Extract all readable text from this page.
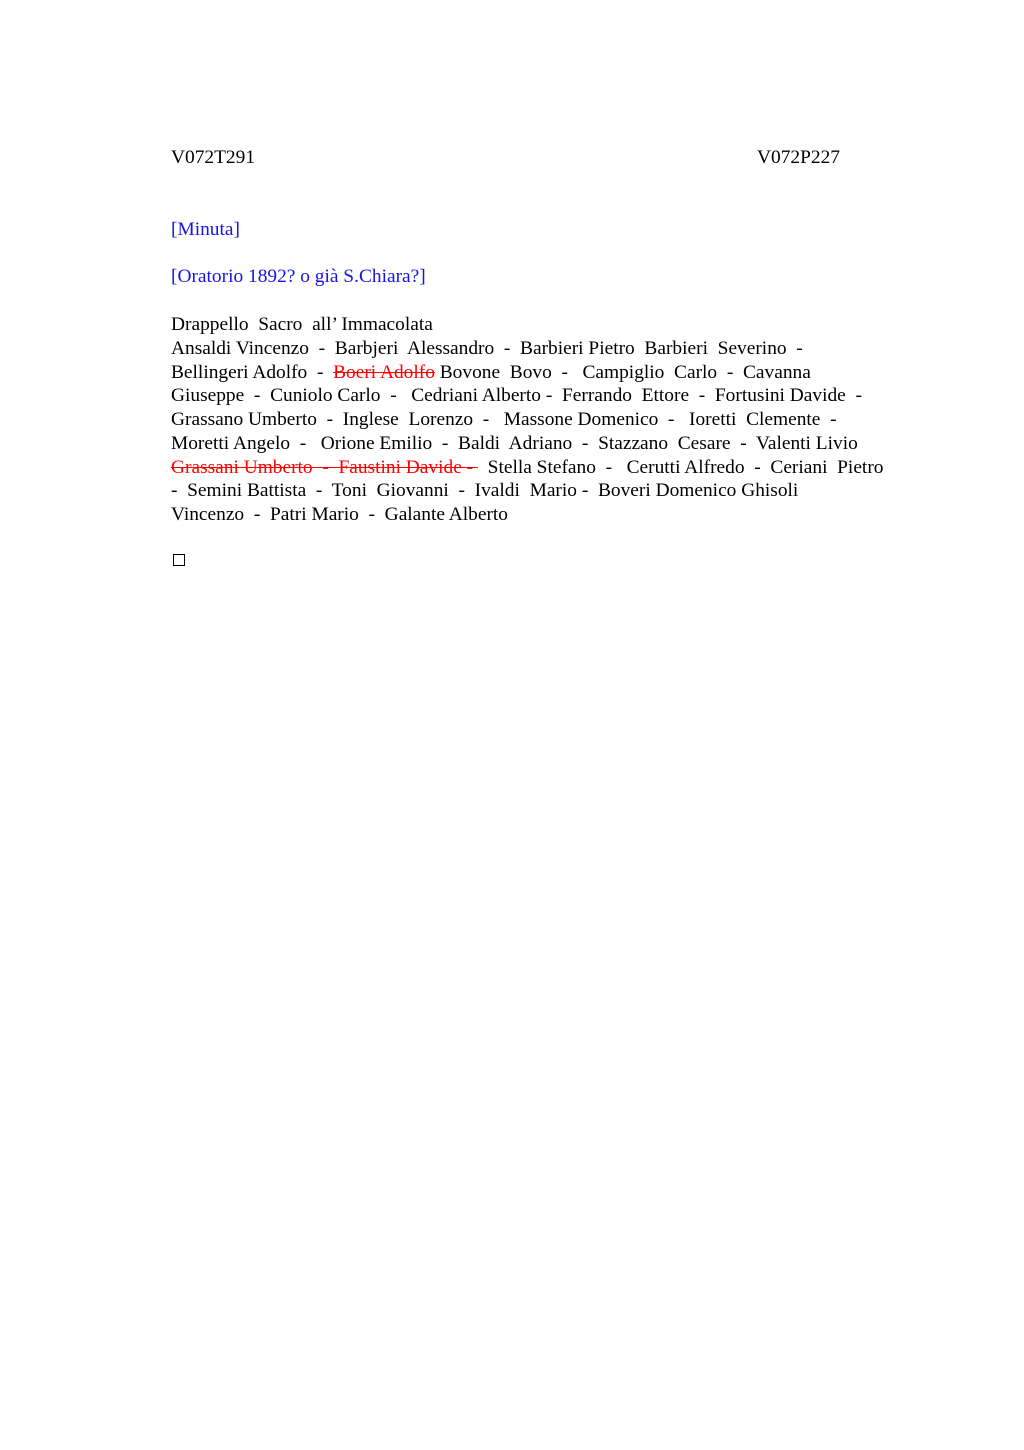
V072T291	V072P227
[Minuta]
[Oratorio 1892? o già S.Chiara?]
Drappello  Sacro  all’ Immacolata
Ansaldi Vincenzo  -  Barbjeri  Alessandro  -  Barbieri Pietro  Barbieri  Severino  -
Bellingeri Adolfo  -  Boeri Adolfo Bovone  Bovo  -   Campiglio  Carlo  -  Cavanna
Giuseppe  -  Cuniolo Carlo  -   Cedriani Alberto -  Ferrando  Ettore  -  Fortusini Davide  -
Grassano Umberto  -  Inglese  Lorenzo  -   Massone Domenico  -   Ioretti  Clemente  -
Moretti Angelo  -   Orione Emilio  -  Baldi  Adriano  -  Stazzano  Cesare  -  Valenti Livio
Grassani Umberto  -  Faustini Davide -   Stella Stefano  -   Cerutti Alfredo  -  Ceriani  Pietro
-  Semini Battista  -  Toni  Giovanni  -  Ivaldi  Mario -  Boveri Domenico Ghisoli
Vincenzo  -  Patri Mario  -  Galante Alberto
